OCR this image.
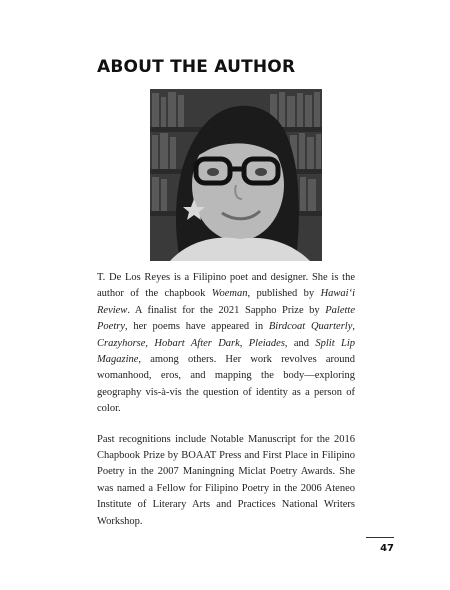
ABOUT THE AUTHOR

T. De Los Reyes is a Filipino poet and designer. She is the author of the chapbook Woeman, published by Hawai‘i Review. A finalist for the 2021 Sappho Prize by Palette Poetry, her poems have appeared in Birdcoat Quarterly, Crazyhorse, Hobart After Dark, Pleiades, and Split Lip Magazine, among others. Her work revolves around womanhood, eros, and mapping the body—exploring geography vis-à-vis the question of identity as a person of color.

Past recognitions include Notable Manuscript for the 2016 Chapbook Prize by BOAAT Press and First Place in Filipino Poetry in the 2007 Maningning Miclat Poetry Awards. She was named a Fellow for Filipino Poetry in the 2006 Ateneo Institute of Literary Arts and Practices National Writers Workshop.

47
